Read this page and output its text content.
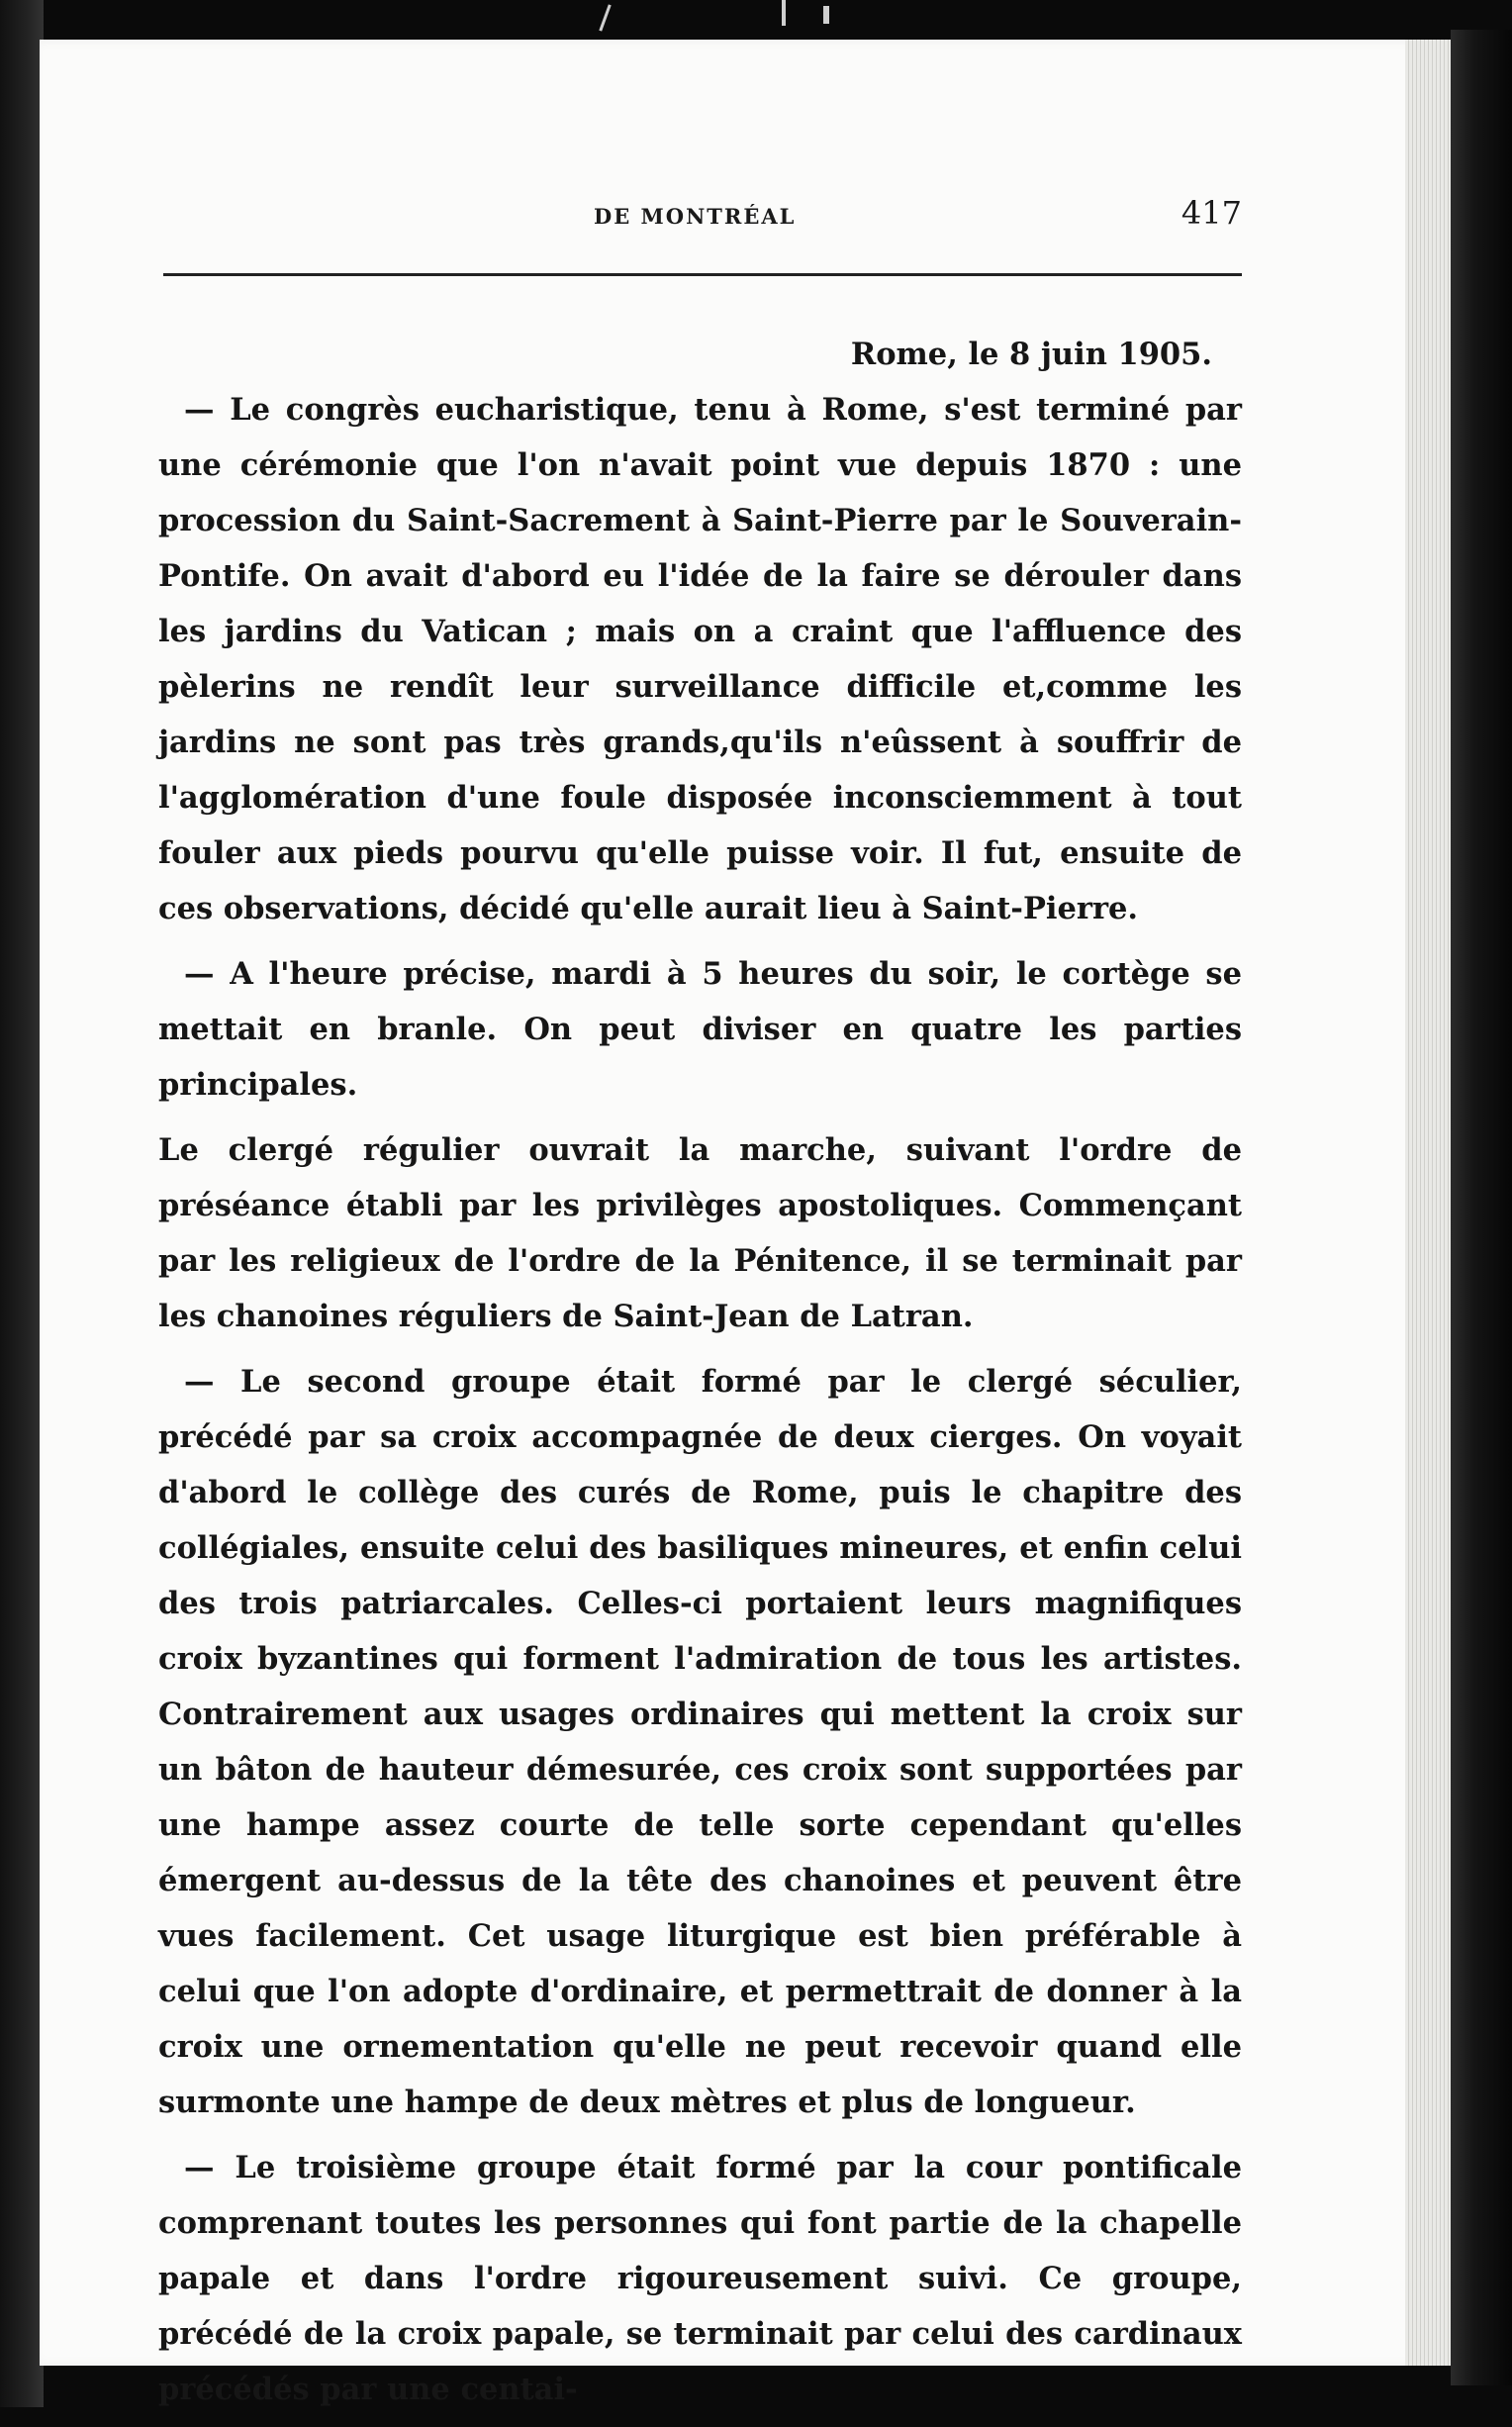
DE MONTRÉAL	417

Rome, le 8 juin 1905.

— Le congrès eucharistique, tenu à Rome, s'est terminé par une cérémonie que l'on n'avait point vue depuis 1870 : une procession du Saint-Sacrement à Saint-Pierre par le Souverain-Pontife. On avait d'abord eu l'idée de la faire se dérouler dans les jardins du Vatican ; mais on a craint que l'affluence des pèlerins ne rendît leur surveillance difficile et,comme les jardins ne sont pas très grands,qu'ils n'eûssent à souffrir de l'agglomération d'une foule disposée inconsciemment à tout fouler aux pieds pourvu qu'elle puisse voir. Il fut, ensuite de ces observations, décidé qu'elle aurait lieu à Saint-Pierre.

— A l'heure précise, mardi à 5 heures du soir, le cortège se mettait en branle. On peut diviser en quatre les parties principales.

Le clergé régulier ouvrait la marche, suivant l'ordre de préséance établi par les privilèges apostoliques. Commençant par les religieux de l'ordre de la Pénitence, il se terminait par les chanoines réguliers de Saint-Jean de Latran.

— Le second groupe était formé par le clergé séculier, précédé par sa croix accompagnée de deux cierges. On voyait d'abord le collège des curés de Rome, puis le chapitre des collégiales, ensuite celui des basiliques mineures, et enfin celui des trois patriarcales. Celles-ci portaient leurs magnifiques croix byzantines qui forment l'admiration de tous les artistes. Contrairement aux usages ordinaires qui mettent la croix sur un bâton de hauteur démesurée, ces croix sont supportées par une hampe assez courte de telle sorte cependant qu'elles émergent au-dessus de la tête des chanoines et peuvent être vues facilement. Cet usage liturgique est bien préférable à celui que l'on adopte d'ordinaire, et permettrait de donner à la croix une ornementation qu'elle ne peut recevoir quand elle surmonte une hampe de deux mètres et plus de longueur.

— Le troisième groupe était formé par la cour pontificale comprenant toutes les personnes qui font partie de la chapelle papale et dans l'ordre rigoureusement suivi. Ce groupe, précédé de la croix papale, se terminait par celui des cardinaux précédés par une centai-
